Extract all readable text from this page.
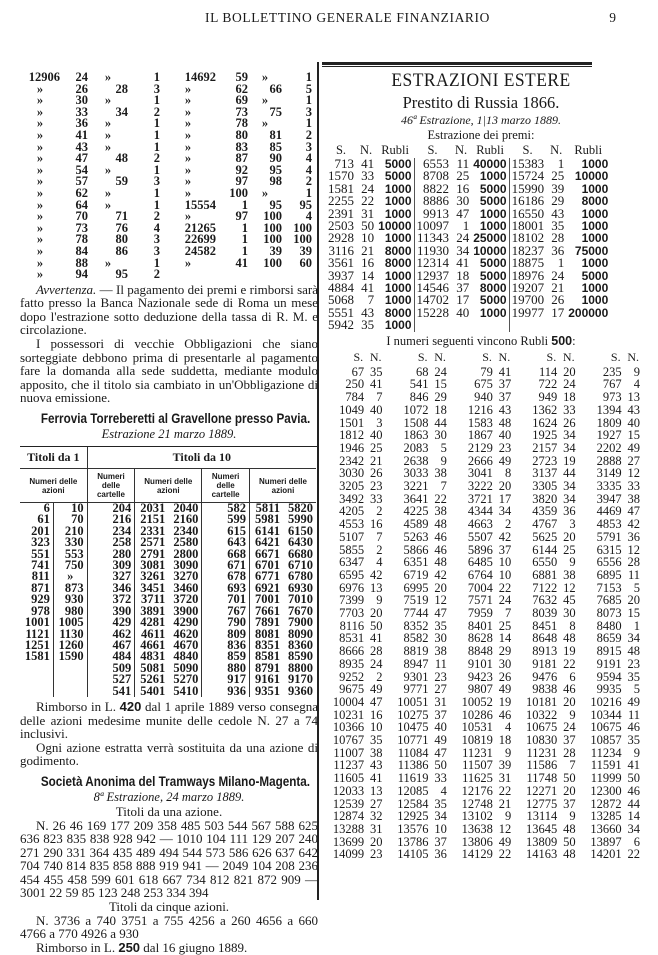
IL BOLLETTINO GENERALE FINANZIARIO	9
12906	24	»	1	14692	59	»	1
»	26	28	3	»	62	66	5
»	30	»	1	»	69	»	1
»	33	34	2	»	73	75	3
»	36	»	1	»	78	»	1
»	41	»	1	»	80	81	2
»	43	»	1	»	83	85	3
»	47	48	2	»	87	90	4
»	54	»	1	»	92	95	4
»	57	59	3	»	97	98	2
»	62	»	1	»	100	»	1
»	64	»	1	15554	1	95	95
»	70	71	2	»	97	100	4
»	73	76	4	21265	1	100	100
»	78	80	3	22699	1	100	100
»	84	86	3	24582	1	39	39
»	88	»	1	»	41	100	60
»	94	95	2				

Avvertenza. — Il pagamento dei premi e rimborsi sarà fatto presso la Banca Nazionale sede di Roma un mese dopo l'estrazione sotto deduzione della tassa di R. M. e circolazione.

I possessori di vecchie Obbligazioni che siano sorteggiate debbono prima di presentarle al pagamento fare la domanda alla sede suddetta, mediante modulo apposito, che il titolo sia cambiato in un'Obbligazione di nuova emissione.

Ferrovia Torreberetti al Gravellone presso Pavia.
Estrazione 21 marzo 1889.
Titoli da 1		Titoli da 10					
Numeri delle azioni		Numeri delle cartelle	Numeri delle azioni		Numeri delle cartelle	Numeri delle azioni	
6	10	204	2031	2040	582	5811	5820
61	70	216	2151	2160	599	5981	5990
201	210	234	2331	2340	615	6141	6150
323	330	258	2571	2580	643	6421	6430
551	553	280	2791	2800	668	6671	6680
741	750	309	3081	3090	671	6701	6710
811	»	327	3261	3270	678	6771	6780
871	873	346	3451	3460	693	6921	6930
929	930	372	3711	3720	701	7001	7010
978	980	390	3891	3900	767	7661	7670
1001	1005	429	4281	4290	790	7891	7900
1121	1130	462	4611	4620	809	8081	8090
1251	1260	467	4661	4670	836	8351	8360
1581	1590	484	4831	4840	859	8581	8590
		509	5081	5090	880	8791	8800
		527	5261	5270	917	9161	9170
		541	5401	5410	936	9351	9360

Rimborso in L. 420 dal 1 aprile 1889 verso consegna delle azioni medesime munite delle cedole N. 27 a 74 inclusivi.

Ogni azione estratta verrà sostituita da una azione di godimento.

Società Anonima del Tramways Milano-Magenta.
8ª Estrazione, 24 marzo 1889.
Titoli da una azione.

N. 26 46 169 177 209 358 485 503 544 567 588 625 636 823 835 838 928 942 — 1010 104 111 129 207 240 271 290 331 364 435 489 494 544 573 586 626 637 642 704 740 814 835 858 888 919 941 — 2049 104 208 236 454 455 458 599 601 618 667 734 812 821 872 909 — 3001 22 59 85 123 248 253 334 394

Titoli da cinque azioni.

N. 3736 a 740 3751 a 755 4256 a 260 4656 a 660 4766 a 770 4926 a 930

Rimborso in L. 250 dal 16 giugno 1889.

ESTRAZIONI ESTERE
Prestito di Russia 1866.
46ª Estrazione, 1|13 marzo 1889.
Estrazione dei premi:
S.	N.	Rubli	S.	N.	Rubli	S.	N.	Rubli
713	41	5000	6553	11	40000	15383	1	1000
1570	33	5000	8708	25	1000	15724	25	10000
1581	24	1000	8822	16	5000	15990	39	1000
2255	22	1000	8886	30	5000	16186	29	8000
2391	31	1000	9913	47	1000	16550	43	1000
2503	50	10000	10097	1	1000	18001	35	1000
2928	10	1000	11343	24	25000	18102	28	1000
3116	21	8000	11930	34	10000	18237	36	75000
3561	16	8000	12314	41	5000	18875	1	1000
3937	14	1000	12937	18	5000	18976	24	5000
4884	41	1000	14546	37	8000	19207	21	1000
5068	7	1000	14702	17	5000	19700	26	1000
5551	43	8000	15228	40	1000	19977	17	200000
5942	35	1000						
I numeri seguenti vincono Rubli 500:
S.	N.		S.	N.		S.	N.		S.	N.		S.	N.
67	35		68	24		79	41		114	20		235	9
250	41		541	15		675	37		722	24		767	4
784	7		846	29		940	37		949	18		973	13
1049	40		1072	18		1216	43		1362	33		1394	43
1501	3		1508	44		1583	48		1624	26		1809	40
1812	40		1863	30		1867	40		1925	34		1927	15
1946	25		2083	5		2129	23		2157	34		2202	49
2342	21		2638	9		2666	49		2723	19		2888	27
3030	26		3033	38		3041	8		3137	44		3149	12
3205	23		3221	7		3222	20		3305	34		3335	33
3492	33		3641	22		3721	17		3820	34		3947	38
4205	2		4225	38		4344	34		4359	36		4469	47
4553	16		4589	48		4663	2		4767	3		4853	42
5107	7		5263	46		5507	42		5625	20		5791	36
5855	2		5866	46		5896	37		6144	25		6315	12
6347	4		6351	48		6485	10		6550	9		6556	28
6595	42		6719	42		6764	10		6881	38		6895	11
6976	13		6995	20		7004	22		7122	12		7153	5
7399	9		7519	12		7571	24		7632	45		7685	20
7703	20		7744	47		7959	7		8039	30		8073	15
8116	50		8352	35		8401	25		8451	8		8480	1
8531	41		8582	30		8628	14		8648	48		8659	34
8666	28		8819	38		8848	29		8913	19		8915	48
8935	24		8947	11		9101	30		9181	22		9191	23
9252	2		9301	23		9423	26		9476	6		9594	35
9675	49		9771	27		9807	49		9838	46		9935	5
10004	47		10051	31		10052	19		10181	20		10216	49
10231	16		10275	37		10286	46		10322	9		10344	11
10366	10		10475	40		10531	4		10675	24		10675	46
10767	35		10771	49		10819	18		10830	37		10857	35
11007	38		11084	47		11231	9		11231	28		11234	9
11237	43		11386	50		11507	39		11586	7		11591	41
11605	41		11619	33		11625	31		11748	50		11999	50
12033	13		12085	4		12176	22		12271	20		12300	46
12539	27		12584	35		12748	21		12775	37		12872	44
12874	32		12925	34		13102	9		13114	9		13285	14
13288	31		13576	10		13638	12		13645	48		13660	34
13699	20		13786	37		13806	49		13809	50		13897	6
14099	23		14105	36		14129	22		14163	48		14201	22
